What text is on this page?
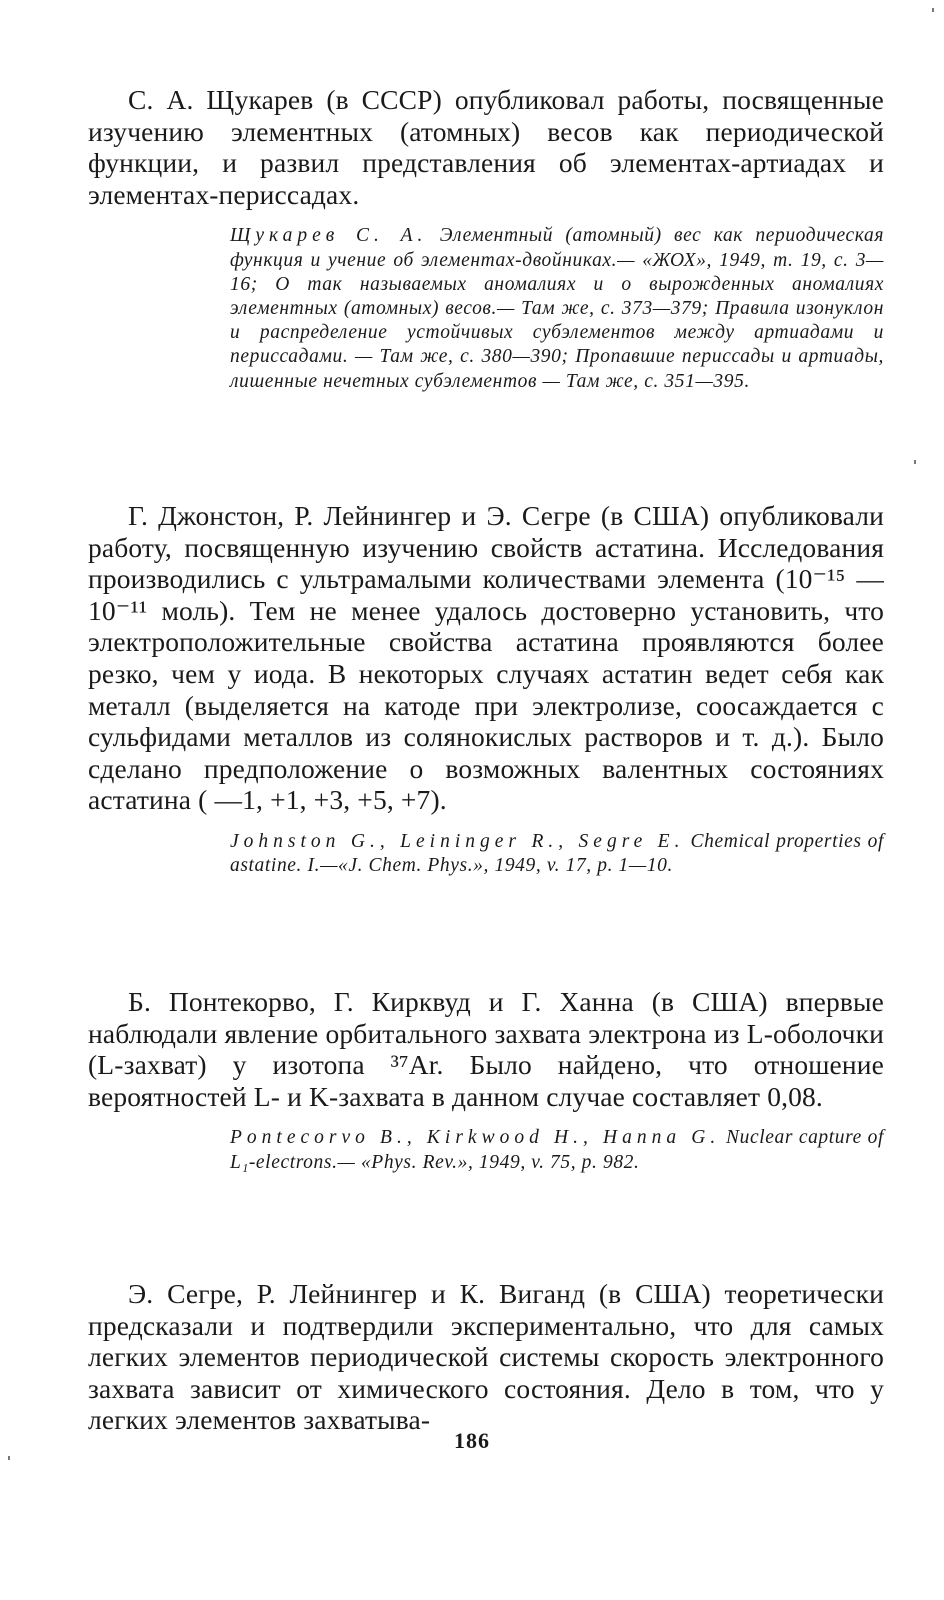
С. А. Щукарев (в СССР) опубликовал работы, посвященные изучению элементных (атомных) весов как периодической функции, и развил представления об элементах-артиадах и элементах-периссадах.

Щукарев С. А. Элементный (атомный) вес как периодическая функция и учение об элементах-двойниках.— «ЖОХ», 1949, т. 19, с. 3—16; О так называемых аномалиях и о вырожденных аномалиях элементных (атомных) весов.— Там же, с. 373—379; Правила изонуклон и распределение устойчивых субэлементов между артиадами и периссадами. — Там же, с. 380—390; Пропавшие периссады и артиады, лишенные нечетных субэлементов — Там же, с. 351—395.

Г. Джонстон, Р. Лейнингер и Э. Сегре (в США) опубликовали работу, посвященную изучению свойств астатина. Исследования производились с ультрамалыми количествами элемента (10⁻¹⁵ — 10⁻¹¹ моль). Тем не менее удалось достоверно установить, что электроположительные свойства астатина проявляются более резко, чем у иода. В некоторых случаях астатин ведет себя как металл (выделяется на катоде при электролизе, соосаждается с сульфидами металлов из солянокислых растворов и т. д.). Было сделано предположение о возможных валентных состояниях астатина ( —1, +1, +3, +5, +7).

Johnston G., Leininger R., Segre E. Chemical properties of astatine. I.—«J. Chem. Phys.», 1949, v. 17, p. 1—10.

Б. Понтекорво, Г. Кирквуд и Г. Ханна (в США) впервые наблюдали явление орбитального захвата электрона из L-оболочки (L-захват) у изотопа ³⁷Ar. Было найдено, что отношение вероятностей L- и K-захвата в данном случае составляет 0,08.

Pontecorvo B., Kirkwood H., Hanna G. Nuclear capture of L₁-electrons.— «Phys. Rev.», 1949, v. 75, p. 982.

Э. Сегре, Р. Лейнингер и К. Виганд (в США) теоретически предсказали и подтвердили экспериментально, что для самых легких элементов периодической системы скорость электронного захвата зависит от химического состояния. Дело в том, что у легких элементов захватыва-

186
